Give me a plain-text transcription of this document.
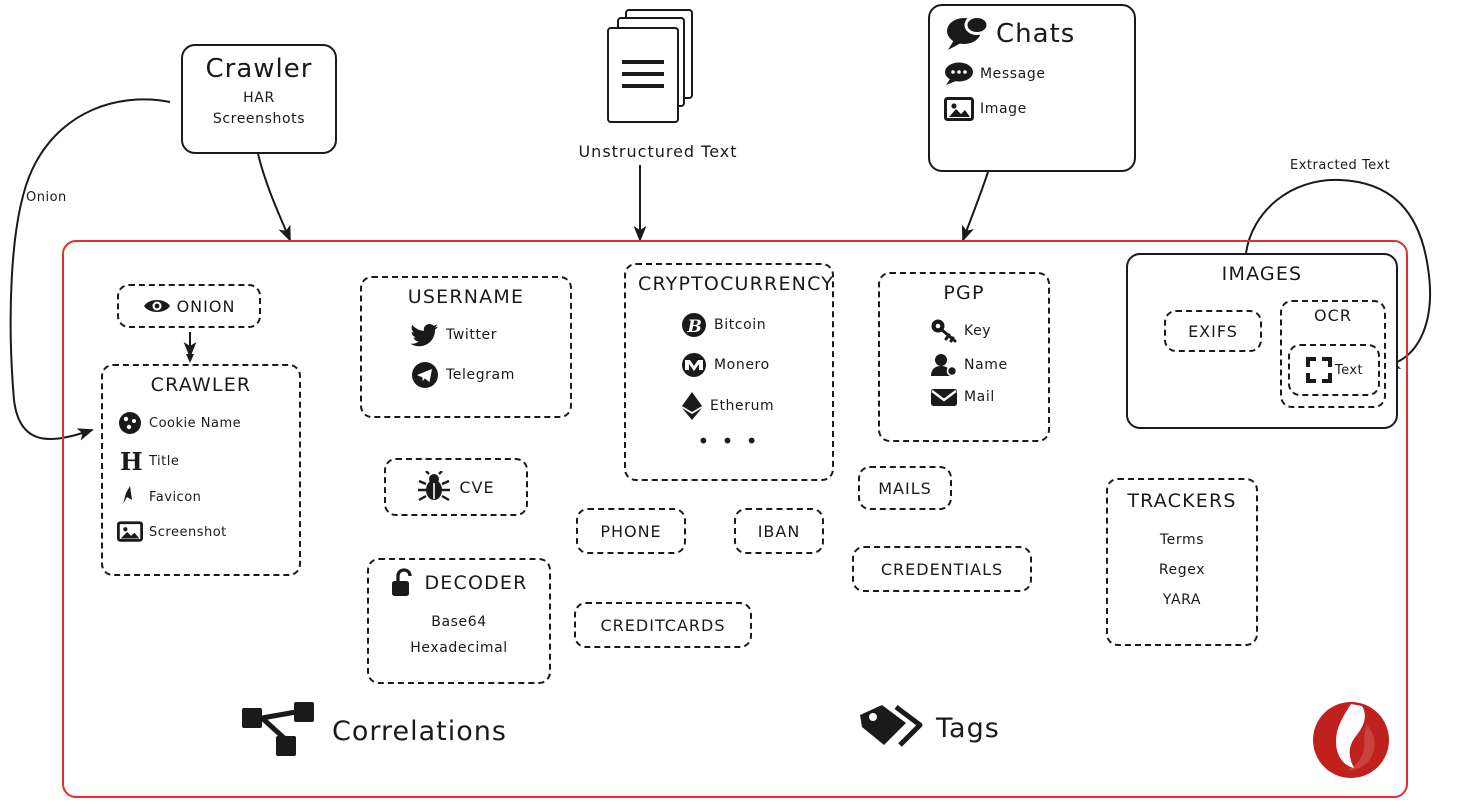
Onion
Extracted Text
Crawler
HAR
Screenshots
Unstructured Text
Chats
Message
Image
ONION
CRAWLER
Cookie Name
H Title
Favicon
Screenshot
USERNAME
Twitter
Telegram
CVE
DECODER
Base64
Hexadecimal
CRYPTOCURRENCY
B Bitcoin
Monero
Etherum
• • •
PHONE	IBAN
CREDITCARDS
PGP
Key
Name
Mail
MAILS
CREDENTIALS
IMAGES
EXIFS
OCR
Text
TRACKERS
Terms
Regex
YARA
Correlations	Tags
